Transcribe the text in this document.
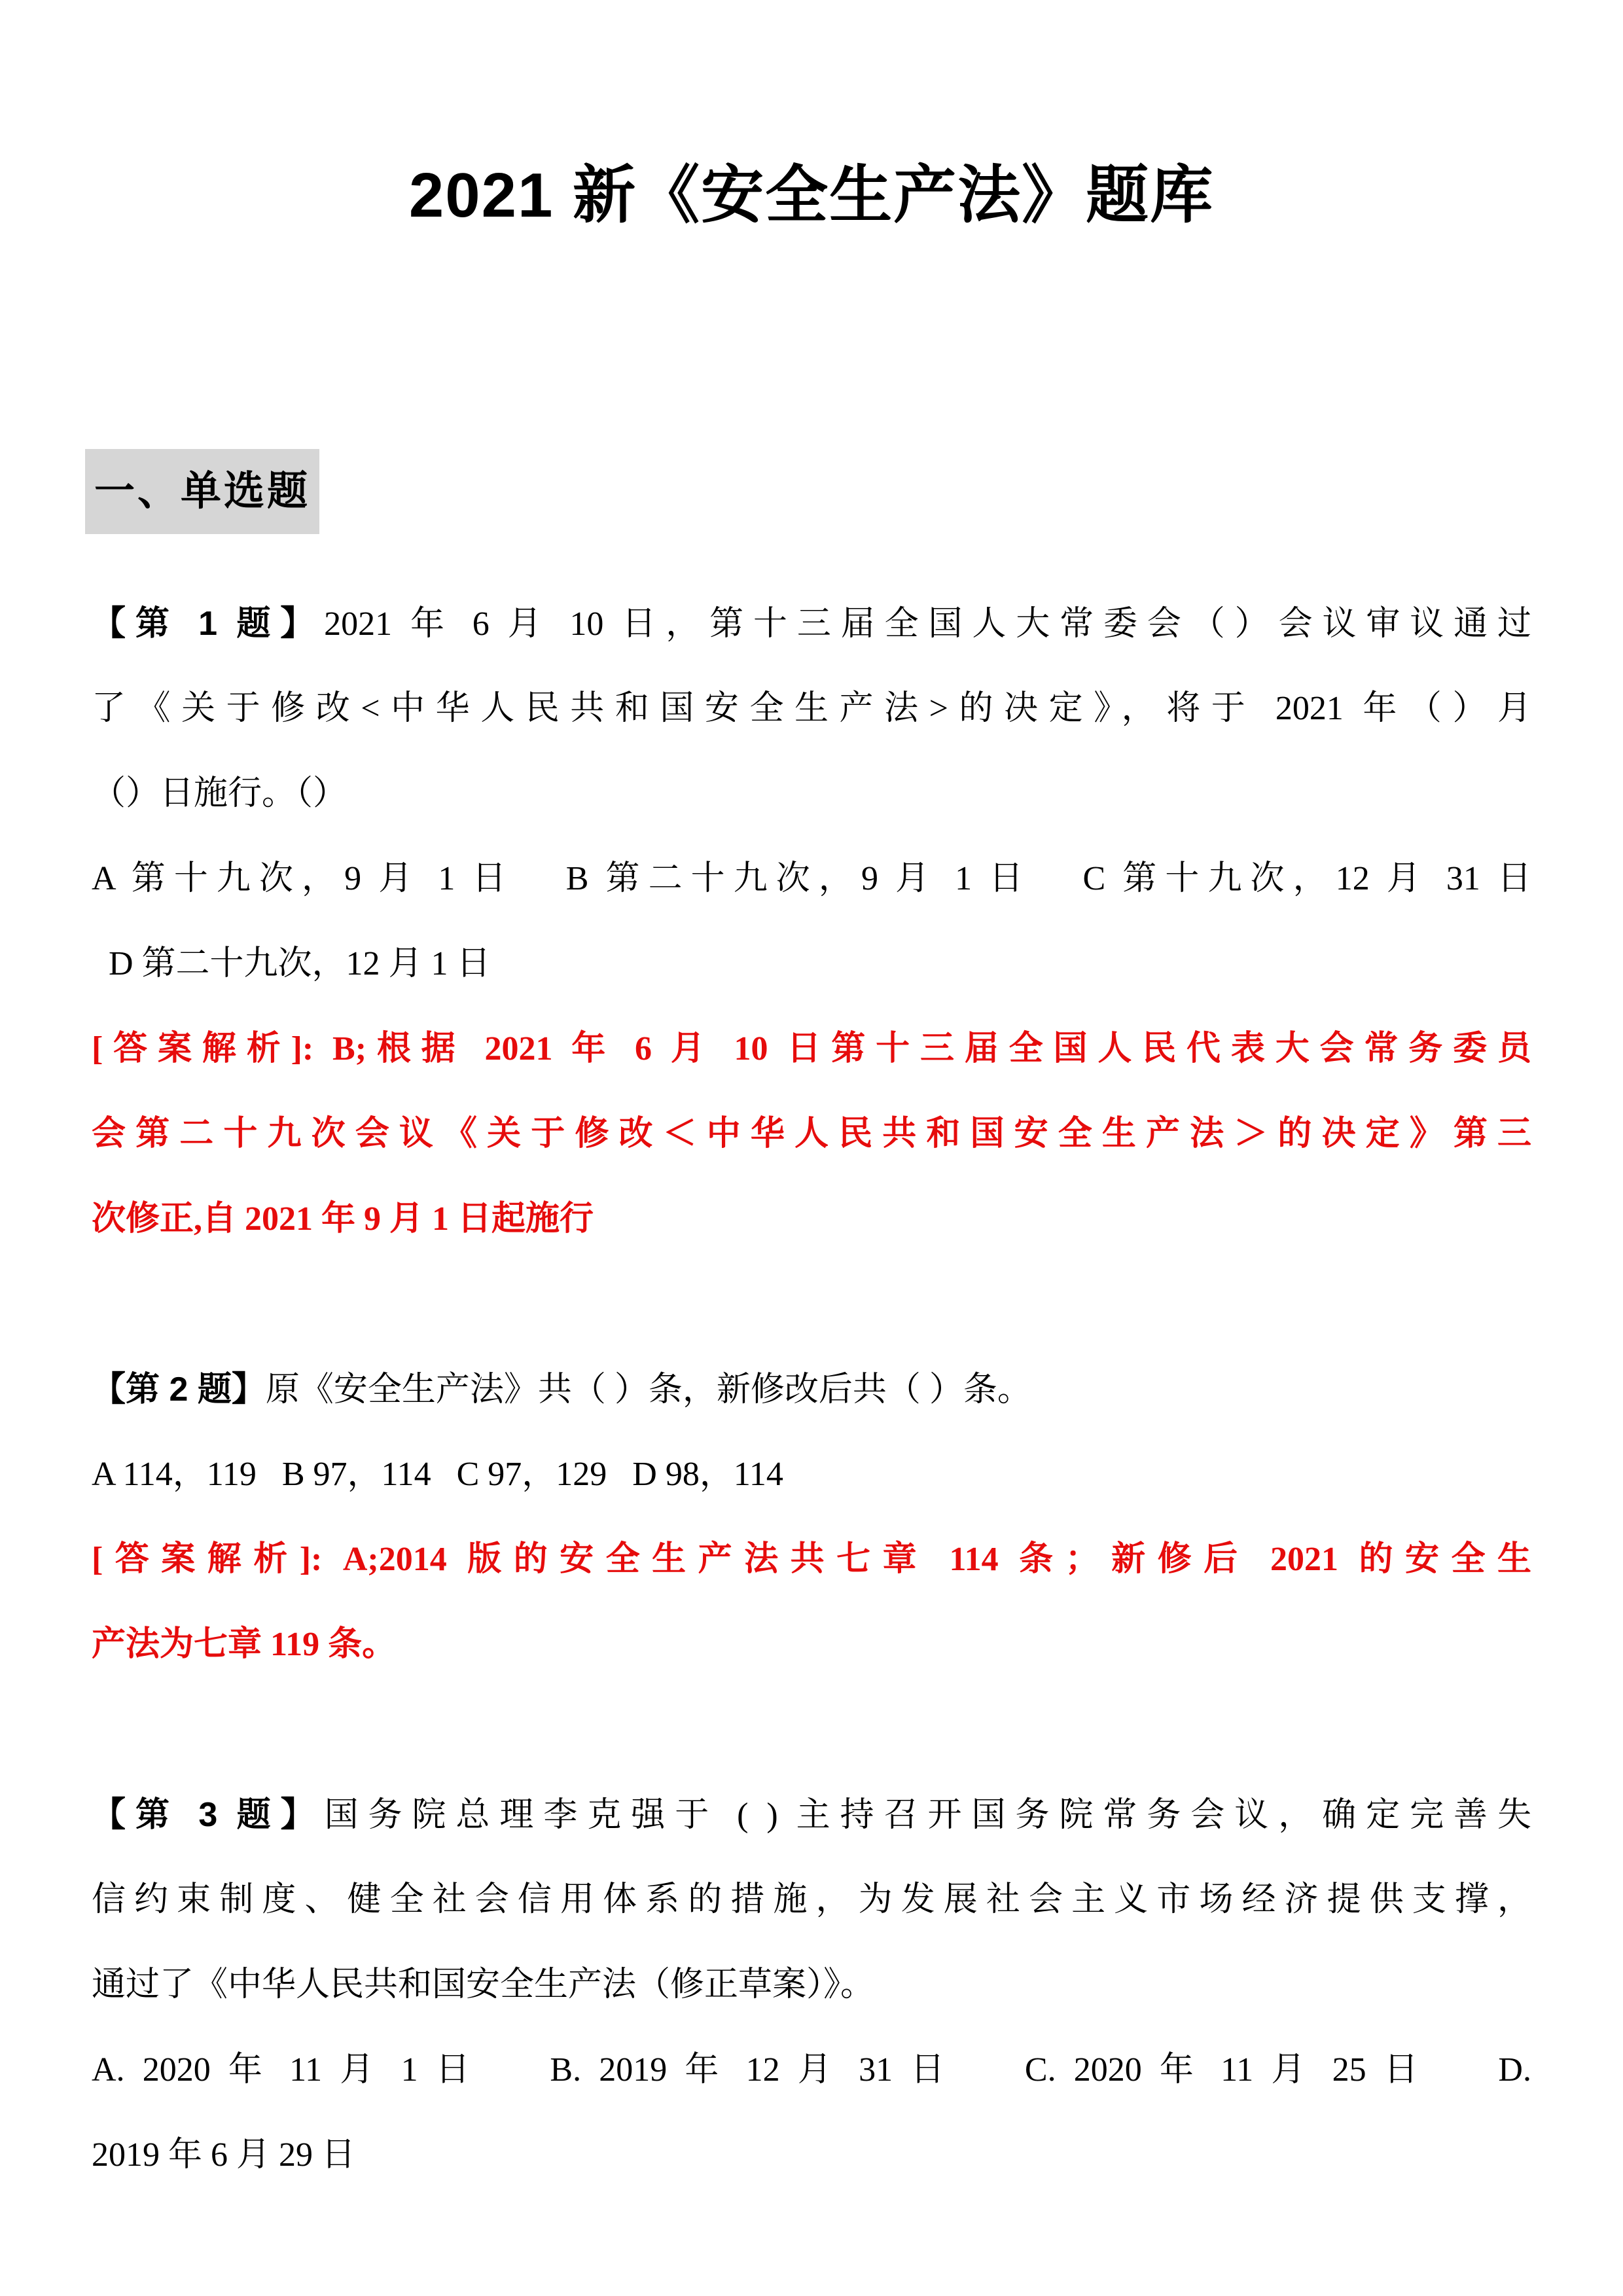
2021 新《安全生产法》题库
一、单选题
【第 1 题】2021 年 6 月 10 日，第十三届全国人大常委会（）会议审议通过
了《关于修改<中华人民共和国安全生产法>的决定》，将于 2021 年（）月
（）日施行。（）
A 第十九次，9 月 1 日   B 第二十九次，9 月 1 日   C 第十九次，12 月 31 日
D 第二十九次，12 月 1 日
[答案解析]: B;根据 2021 年 6 月 10 日第十三届全国人民代表大会常务委员
会第二十九次会议《关于修改＜中华人民共和国安全生产法＞的决定》第三
次修正,自 2021 年 9 月 1 日起施行
【第 2 题】原《安全生产法》共（ ）条，新修改后共（ ）条。
A 114，119   B 97，114   C 97，129   D 98，114
[答案解析]: A;2014 版的安全生产法共七章 114 条；新修后 2021 的安全生
产法为七章 119 条。
【第 3 题】国务院总理李克强于 ( ) 主持召开国务院常务会议，确定完善失
信约束制度、健全社会信用体系的措施，为发展社会主义市场经济提供支撑，
通过了《中华人民共和国安全生产法（修正草案）》。
A. 2020 年 11 月 1 日    B. 2019 年 12 月 31 日    C. 2020 年 11 月 25 日    D.
2019 年 6 月 29 日
